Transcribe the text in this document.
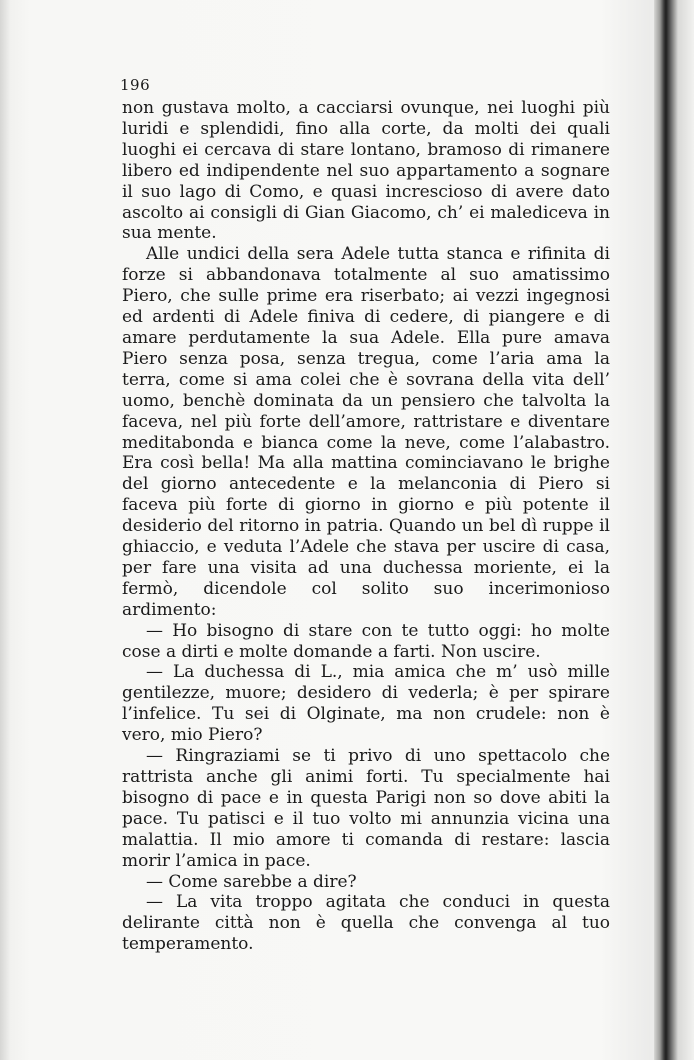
196

non gustava molto, a cacciarsi ovunque, nei luoghi più luridi e splendidi, fino alla corte, da molti dei quali luoghi ei cercava di stare lontano, bramoso di rimanere libero ed indipendente nel suo appartamento a sognare il suo lago di Como, e quasi increscioso di avere dato ascolto ai consigli di Gian Giacomo, ch’ ei malediceva in sua mente.

Alle undici della sera Adele tutta stanca e rifinita di forze si abbandonava totalmente al suo amatissimo Piero, che sulle prime era riserbato; ai vezzi ingegnosi ed ardenti di Adele finiva di cedere, di piangere e di amare perdutamente la sua Adele. Ella pure amava Piero senza posa, senza tregua, come l’aria ama la terra, come si ama colei che è sovrana della vita dell’ uomo, benchè dominata da un pensiero che talvolta la faceva, nel più forte dell’amore, rattristare e diventare meditabonda e bianca come la neve, come l’alabastro. Era così bella! Ma alla mattina cominciavano le brighe del giorno antecedente e la melanconia di Piero si faceva più forte di giorno in giorno e più potente il desiderio del ritorno in patria. Quando un bel dì ruppe il ghiaccio, e veduta l’Adele che stava per uscire di casa, per fare una visita ad una duchessa moriente, ei la fermò, dicendole col solito suo incerimonioso ardimento:

— Ho bisogno di stare con te tutto oggi: ho molte cose a dirti e molte domande a farti. Non uscire.

— La duchessa di L., mia amica che m’ usò mille gentilezze, muore; desidero di vederla; è per spirare l’infelice. Tu sei di Olginate, ma non crudele: non è vero, mio Piero?

— Ringraziami se ti privo di uno spettacolo che rattrista anche gli animi forti. Tu specialmente hai bisogno di pace e in questa Parigi non so dove abiti la pace. Tu patisci e il tuo volto mi annunzia vicina una malattia. Il mio amore ti comanda di restare: lascia morir l’amica in pace.

— Come sarebbe a dire?

— La vita troppo agitata che conduci in questa delirante città non è quella che convenga al tuo temperamento.
